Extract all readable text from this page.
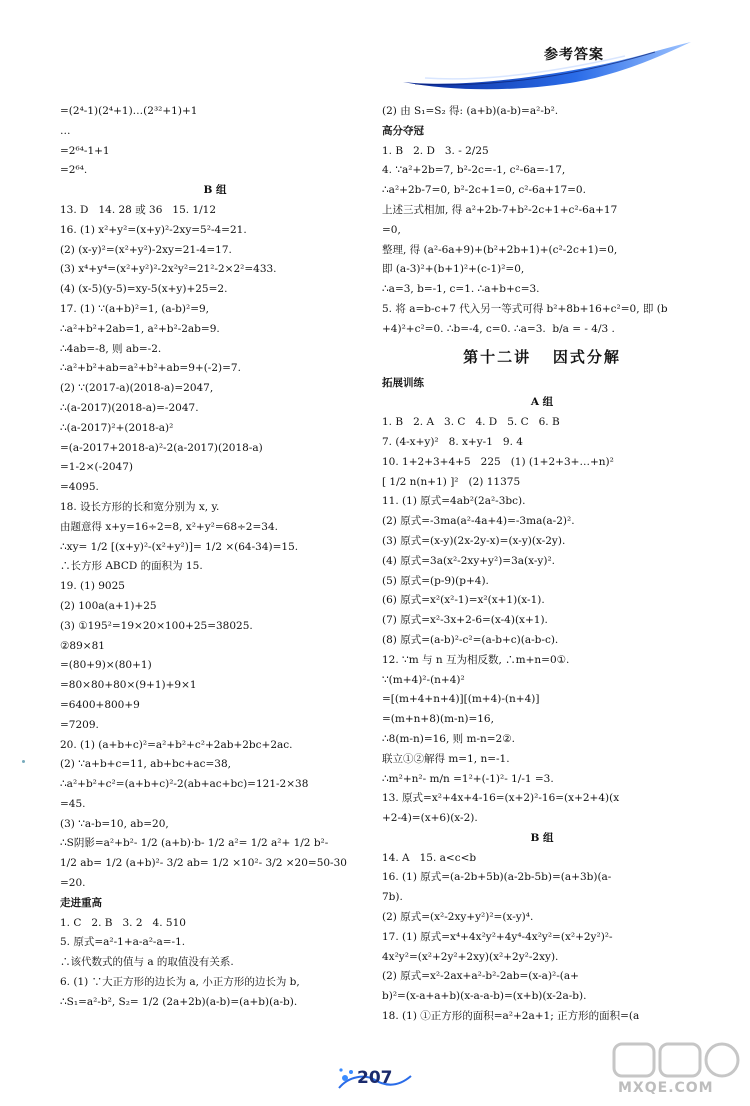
参考答案
=(2⁴-1)(2⁴+1)…(2³²+1)+1
…
=2⁶⁴-1+1
=2⁶⁴.
B 组
13. D   14. 28 或 36   15. 1/12
16. (1) x²+y²=(x+y)²-2xy=5²-4=21.
(2) (x-y)²=(x²+y²)-2xy=21-4=17.
(3) x⁴+y⁴=(x²+y²)²-2x²y²=21²-2×2²=433.
(4) (x-5)(y-5)=xy-5(x+y)+25=2.
17. (1) ∵(a+b)²=1, (a-b)²=9,
∴a²+b²+2ab=1, a²+b²-2ab=9.
∴4ab=-8, 则 ab=-2.
∴a²+b²+ab=a²+b²+ab=9+(-2)=7.
(2) ∵(2017-a)(2018-a)=2047,
∴(a-2017)(2018-a)=-2047.
∴(a-2017)²+(2018-a)²
=(a-2017+2018-a)²-2(a-2017)(2018-a)
=1-2×(-2047)
=4095.
18. 设长方形的长和宽分别为 x, y.
由题意得 x+y=16÷2=8, x²+y²=68÷2=34.
∴xy= 1/2 [(x+y)²-(x²+y²)]= 1/2 ×(64-34)=15.
∴长方形 ABCD 的面积为 15.
19. (1) 9025
(2) 100a(a+1)+25
(3) ①195²=19×20×100+25=38025.
②89×81
=(80+9)×(80+1)
=80×80+80×(9+1)+9×1
=6400+800+9
=7209.
20. (1) (a+b+c)²=a²+b²+c²+2ab+2bc+2ac.
(2) ∵a+b+c=11, ab+bc+ac=38,
∴a²+b²+c²=(a+b+c)²-2(ab+ac+bc)=121-2×38
=45.
(3) ∵a-b=10, ab=20,
∴S阴影=a²+b²- 1/2 (a+b)·b- 1/2 a²= 1/2 a²+ 1/2 b²-
1/2 ab= 1/2 (a+b)²- 3/2 ab= 1/2 ×10²- 3/2 ×20=50-30
=20.
走进重高
1. C   2. B   3. 2   4. 510
5. 原式=a²-1+a-a²-a=-1.
∴该代数式的值与 a 的取值没有关系.
6. (1) ∵大正方形的边长为 a, 小正方形的边长为 b,
∴S₁=a²-b², S₂= 1/2 (2a+2b)(a-b)=(a+b)(a-b).
(2) 由 S₁=S₂ 得: (a+b)(a-b)=a²-b².
高分夺冠
1. B   2. D   3. - 2/25
4. ∵a²+2b=7, b²-2c=-1, c²-6a=-17,
∴a²+2b-7=0, b²-2c+1=0, c²-6a+17=0.
上述三式相加, 得 a²+2b-7+b²-2c+1+c²-6a+17
=0,
整理, 得 (a²-6a+9)+(b²+2b+1)+(c²-2c+1)=0,
即 (a-3)²+(b+1)²+(c-1)²=0,
∴a=3, b=-1, c=1. ∴a+b+c=3.
5. 将 a=b-c+7 代入另一等式可得 b²+8b+16+c²=0, 即 (b
+4)²+c²=0. ∴b=-4, c=0. ∴a=3.  b/a = - 4/3 .
第十二讲   因式分解
拓展训练
A 组
1. B   2. A   3. C   4. D   5. C   6. B
7. (4-x+y)²   8. x+y-1   9. 4
10. 1+2+3+4+5   225   (1) (1+2+3+…+n)²
[ 1/2 n(n+1) ]²   (2) 11375
11. (1) 原式=4ab²(2a²-3bc).
(2) 原式=-3ma(a²-4a+4)=-3ma(a-2)².
(3) 原式=(x-y)(2x-2y-x)=(x-y)(x-2y).
(4) 原式=3a(x²-2xy+y²)=3a(x-y)².
(5) 原式=(p-9)(p+4).
(6) 原式=x²(x²-1)=x²(x+1)(x-1).
(7) 原式=x²-3x+2-6=(x-4)(x+1).
(8) 原式=(a-b)²-c²=(a-b+c)(a-b-c).
12. ∵m 与 n 互为相反数, ∴m+n=0①.
∵(m+4)²-(n+4)²
=[(m+4+n+4)][(m+4)-(n+4)]
=(m+n+8)(m-n)=16,
∴8(m-n)=16, 则 m-n=2②.
联立①②解得 m=1, n=-1.
∴m²+n²- m/n =1²+(-1)²- 1/-1 =3.
13. 原式=x²+4x+4-16=(x+2)²-16=(x+2+4)(x
+2-4)=(x+6)(x-2).
B 组
14. A   15. a<c<b
16. (1) 原式=(a-2b+5b)(a-2b-5b)=(a+3b)(a-
7b).
(2) 原式=(x²-2xy+y²)²=(x-y)⁴.
17. (1) 原式=x⁴+4x²y²+4y⁴-4x²y²=(x²+2y²)²-
4x²y²=(x²+2y²+2xy)(x²+2y²-2xy).
(2) 原式=x²-2ax+a²-b²-2ab=(x-a)²-(a+
b)²=(x-a+a+b)(x-a-a-b)=(x+b)(x-2a-b).
18. (1) ①正方形的面积=a²+2a+1; 正方形的面积=(a
207	MXQE.COM
